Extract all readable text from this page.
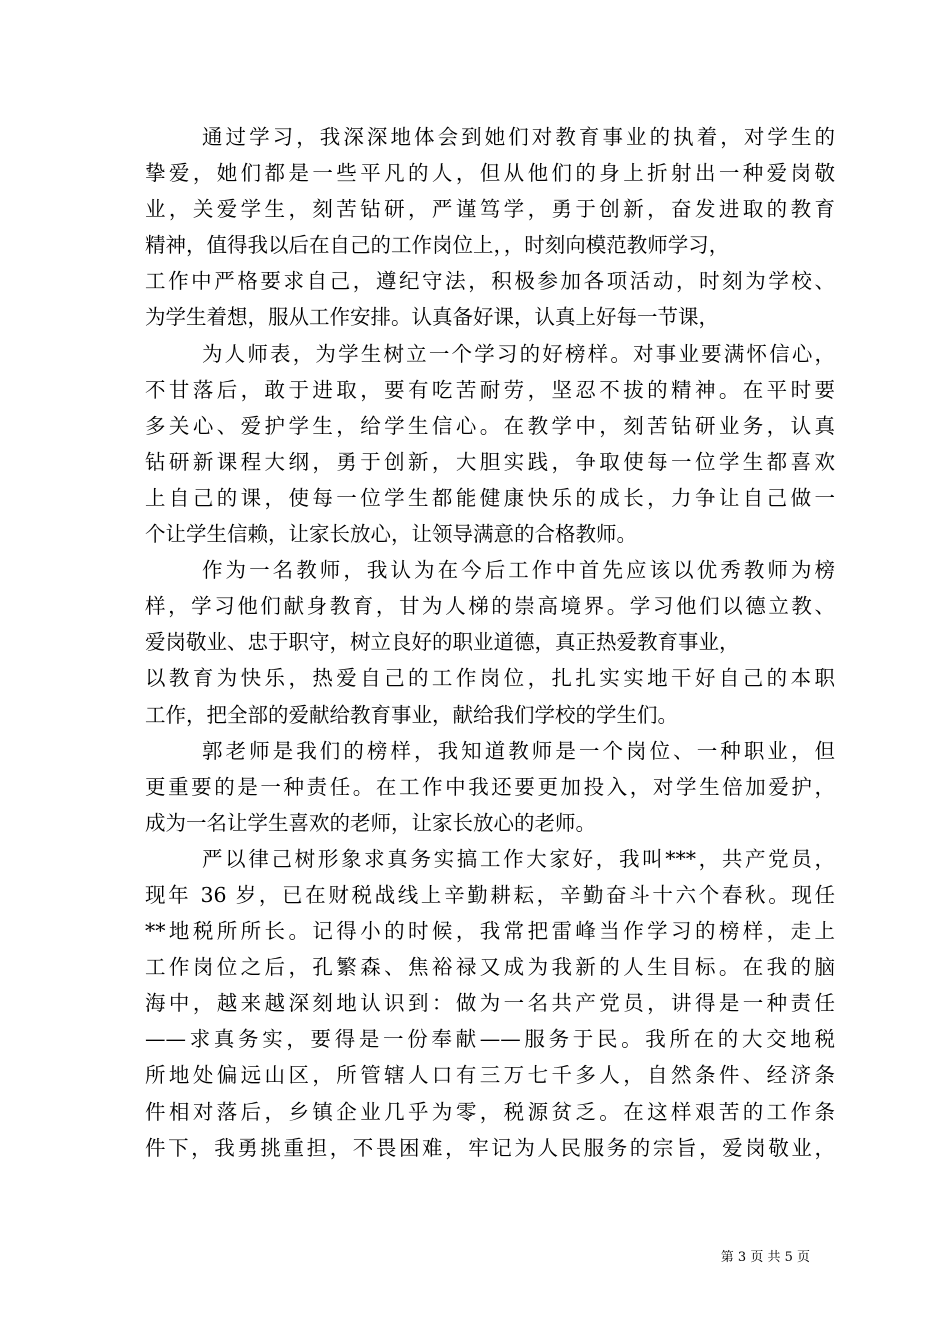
通过学习，我深深地体会到她们对教育事业的执着，对学生的
挚爱，她们都是一些平凡的人，但从他们的身上折射出一种爱岗敬
业，关爱学生，刻苦钻研，严谨笃学，勇于创新，奋发进取的教育
精神，值得我以后在自己的工作岗位上，，时刻向模范教师学习，
工作中严格要求自己，遵纪守法，积极参加各项活动，时刻为学校、
为学生着想，服从工作安排。认真备好课，认真上好每一节课，
为人师表，为学生树立一个学习的好榜样。对事业要满怀信心，
不甘落后，敢于进取，要有吃苦耐劳，坚忍不拔的精神。在平时要
多关心、爱护学生，给学生信心。在教学中，刻苦钻研业务，认真
钻研新课程大纲，勇于创新，大胆实践，争取使每一位学生都喜欢
上自己的课，使每一位学生都能健康快乐的成长，力争让自己做一
个让学生信赖，让家长放心，让领导满意的合格教师。
作为一名教师，我认为在今后工作中首先应该以优秀教师为榜
样，学习他们献身教育，甘为人梯的崇高境界。学习他们以德立教、
爱岗敬业、忠于职守，树立良好的职业道德，真正热爱教育事业，
以教育为快乐，热爱自己的工作岗位，扎扎实实地干好自己的本职
工作，把全部的爱献给教育事业，献给我们学校的学生们。
郭老师是我们的榜样，我知道教师是一个岗位、一种职业，但
更重要的是一种责任。在工作中我还要更加投入，对学生倍加爱护，
成为一名让学生喜欢的老师，让家长放心的老师。
严以律己树形象求真务实搞工作大家好，我叫***，共产党员，
现年 36 岁，已在财税战线上辛勤耕耘，辛勤奋斗十六个春秋。现任
**地税所所长。记得小的时候，我常把雷峰当作学习的榜样，走上
工作岗位之后，孔繁森、焦裕禄又成为我新的人生目标。在我的脑
海中，越来越深刻地认识到：做为一名共产党员，讲得是一种责任
——求真务实，要得是一份奉献——服务于民。我所在的大交地税
所地处偏远山区，所管辖人口有三万七千多人，自然条件、经济条
件相对落后，乡镇企业几乎为零，税源贫乏。在这样艰苦的工作条
件下，我勇挑重担，不畏困难，牢记为人民服务的宗旨，爱岗敬业，
第 3 页 共 5 页
